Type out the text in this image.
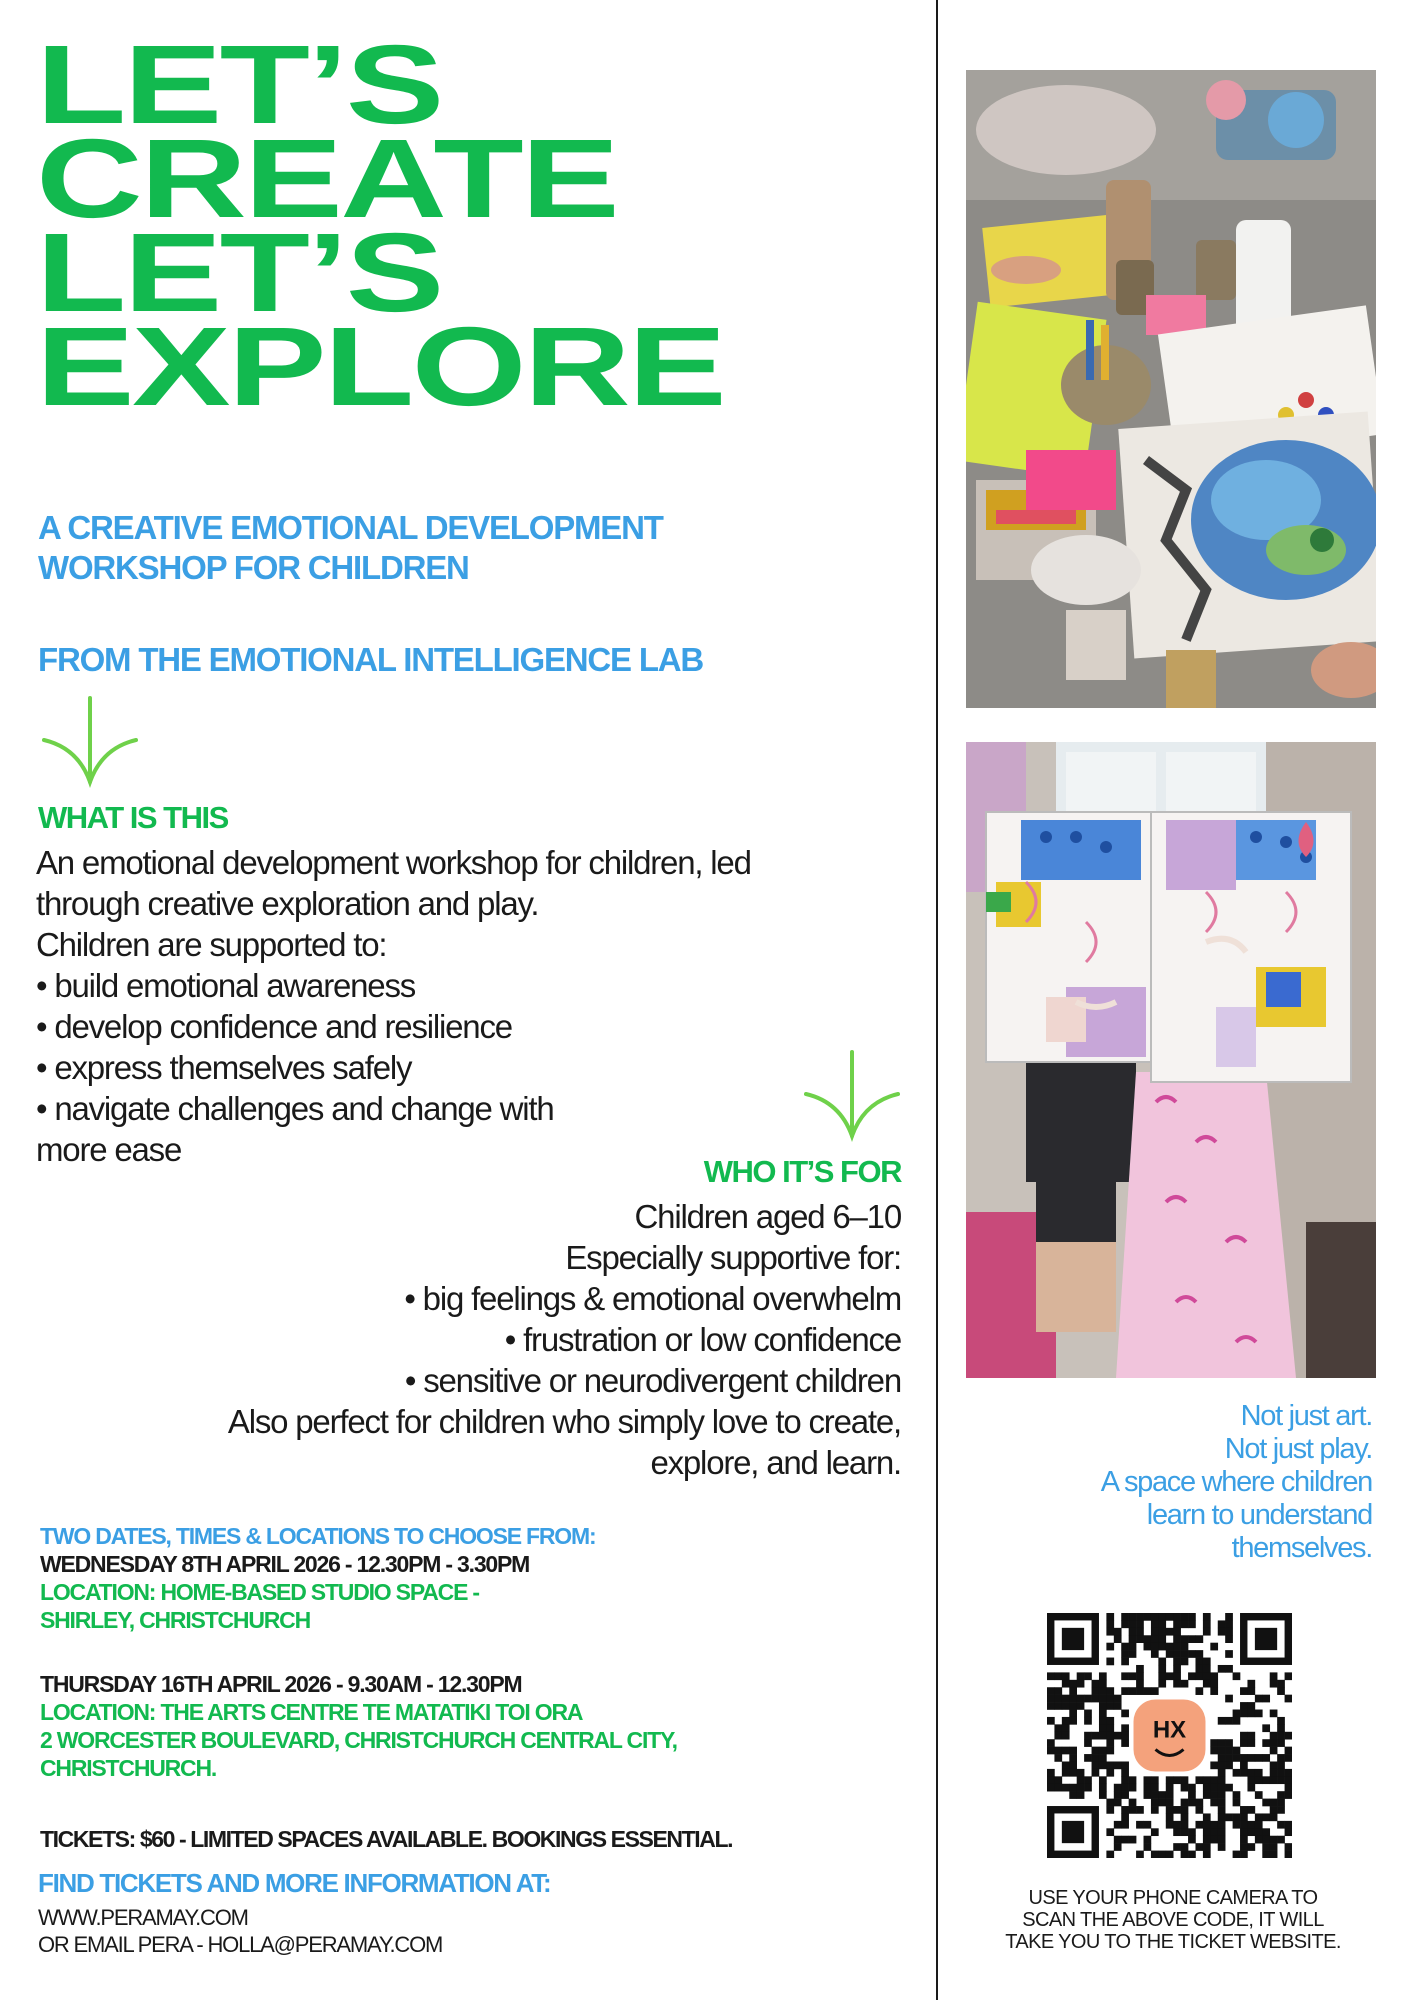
LET’S
CREATE
LET’S
EXPLORE
A CREATIVE EMOTIONAL DEVELOPMENT
WORKSHOP FOR CHILDREN
FROM THE EMOTIONAL INTELLIGENCE LAB
WHAT IS THIS
An emotional development workshop for children, led
through creative exploration and play.
Children are supported to:
• build emotional awareness
• develop confidence and resilience
• express themselves safely
• navigate challenges and change with
more ease
WHO IT’S FOR
Children aged 6–10
Especially supportive for:
• big feelings & emotional overwhelm
• frustration or low confidence
• sensitive or neurodivergent children
Also perfect for children who simply love to create,
explore, and learn.
TWO DATES, TIMES & LOCATIONS TO CHOOSE FROM:
WEDNESDAY 8TH APRIL 2026 - 12.30PM - 3.30PM
LOCATION: HOME-BASED STUDIO SPACE -
SHIRLEY, CHRISTCHURCH
THURSDAY 16TH APRIL 2026 - 9.30AM - 12.30PM
LOCATION: THE ARTS CENTRE TE MATATIKI TOI ORA
2 WORCESTER BOULEVARD, CHRISTCHURCH CENTRAL CITY,
CHRISTCHURCH.
TICKETS: $60 - LIMITED SPACES AVAILABLE. BOOKINGS ESSENTIAL.
FIND TICKETS AND MORE INFORMATION AT:
WWW.PERAMAY.COM
OR EMAIL PERA - HOLLA@PERAMAY.COM
Not just art.
Not just play.
A space where children
learn to understand
themselves.
HX
USE YOUR PHONE CAMERA TO
SCAN THE ABOVE CODE, IT WILL
TAKE YOU TO THE TICKET WEBSITE.
